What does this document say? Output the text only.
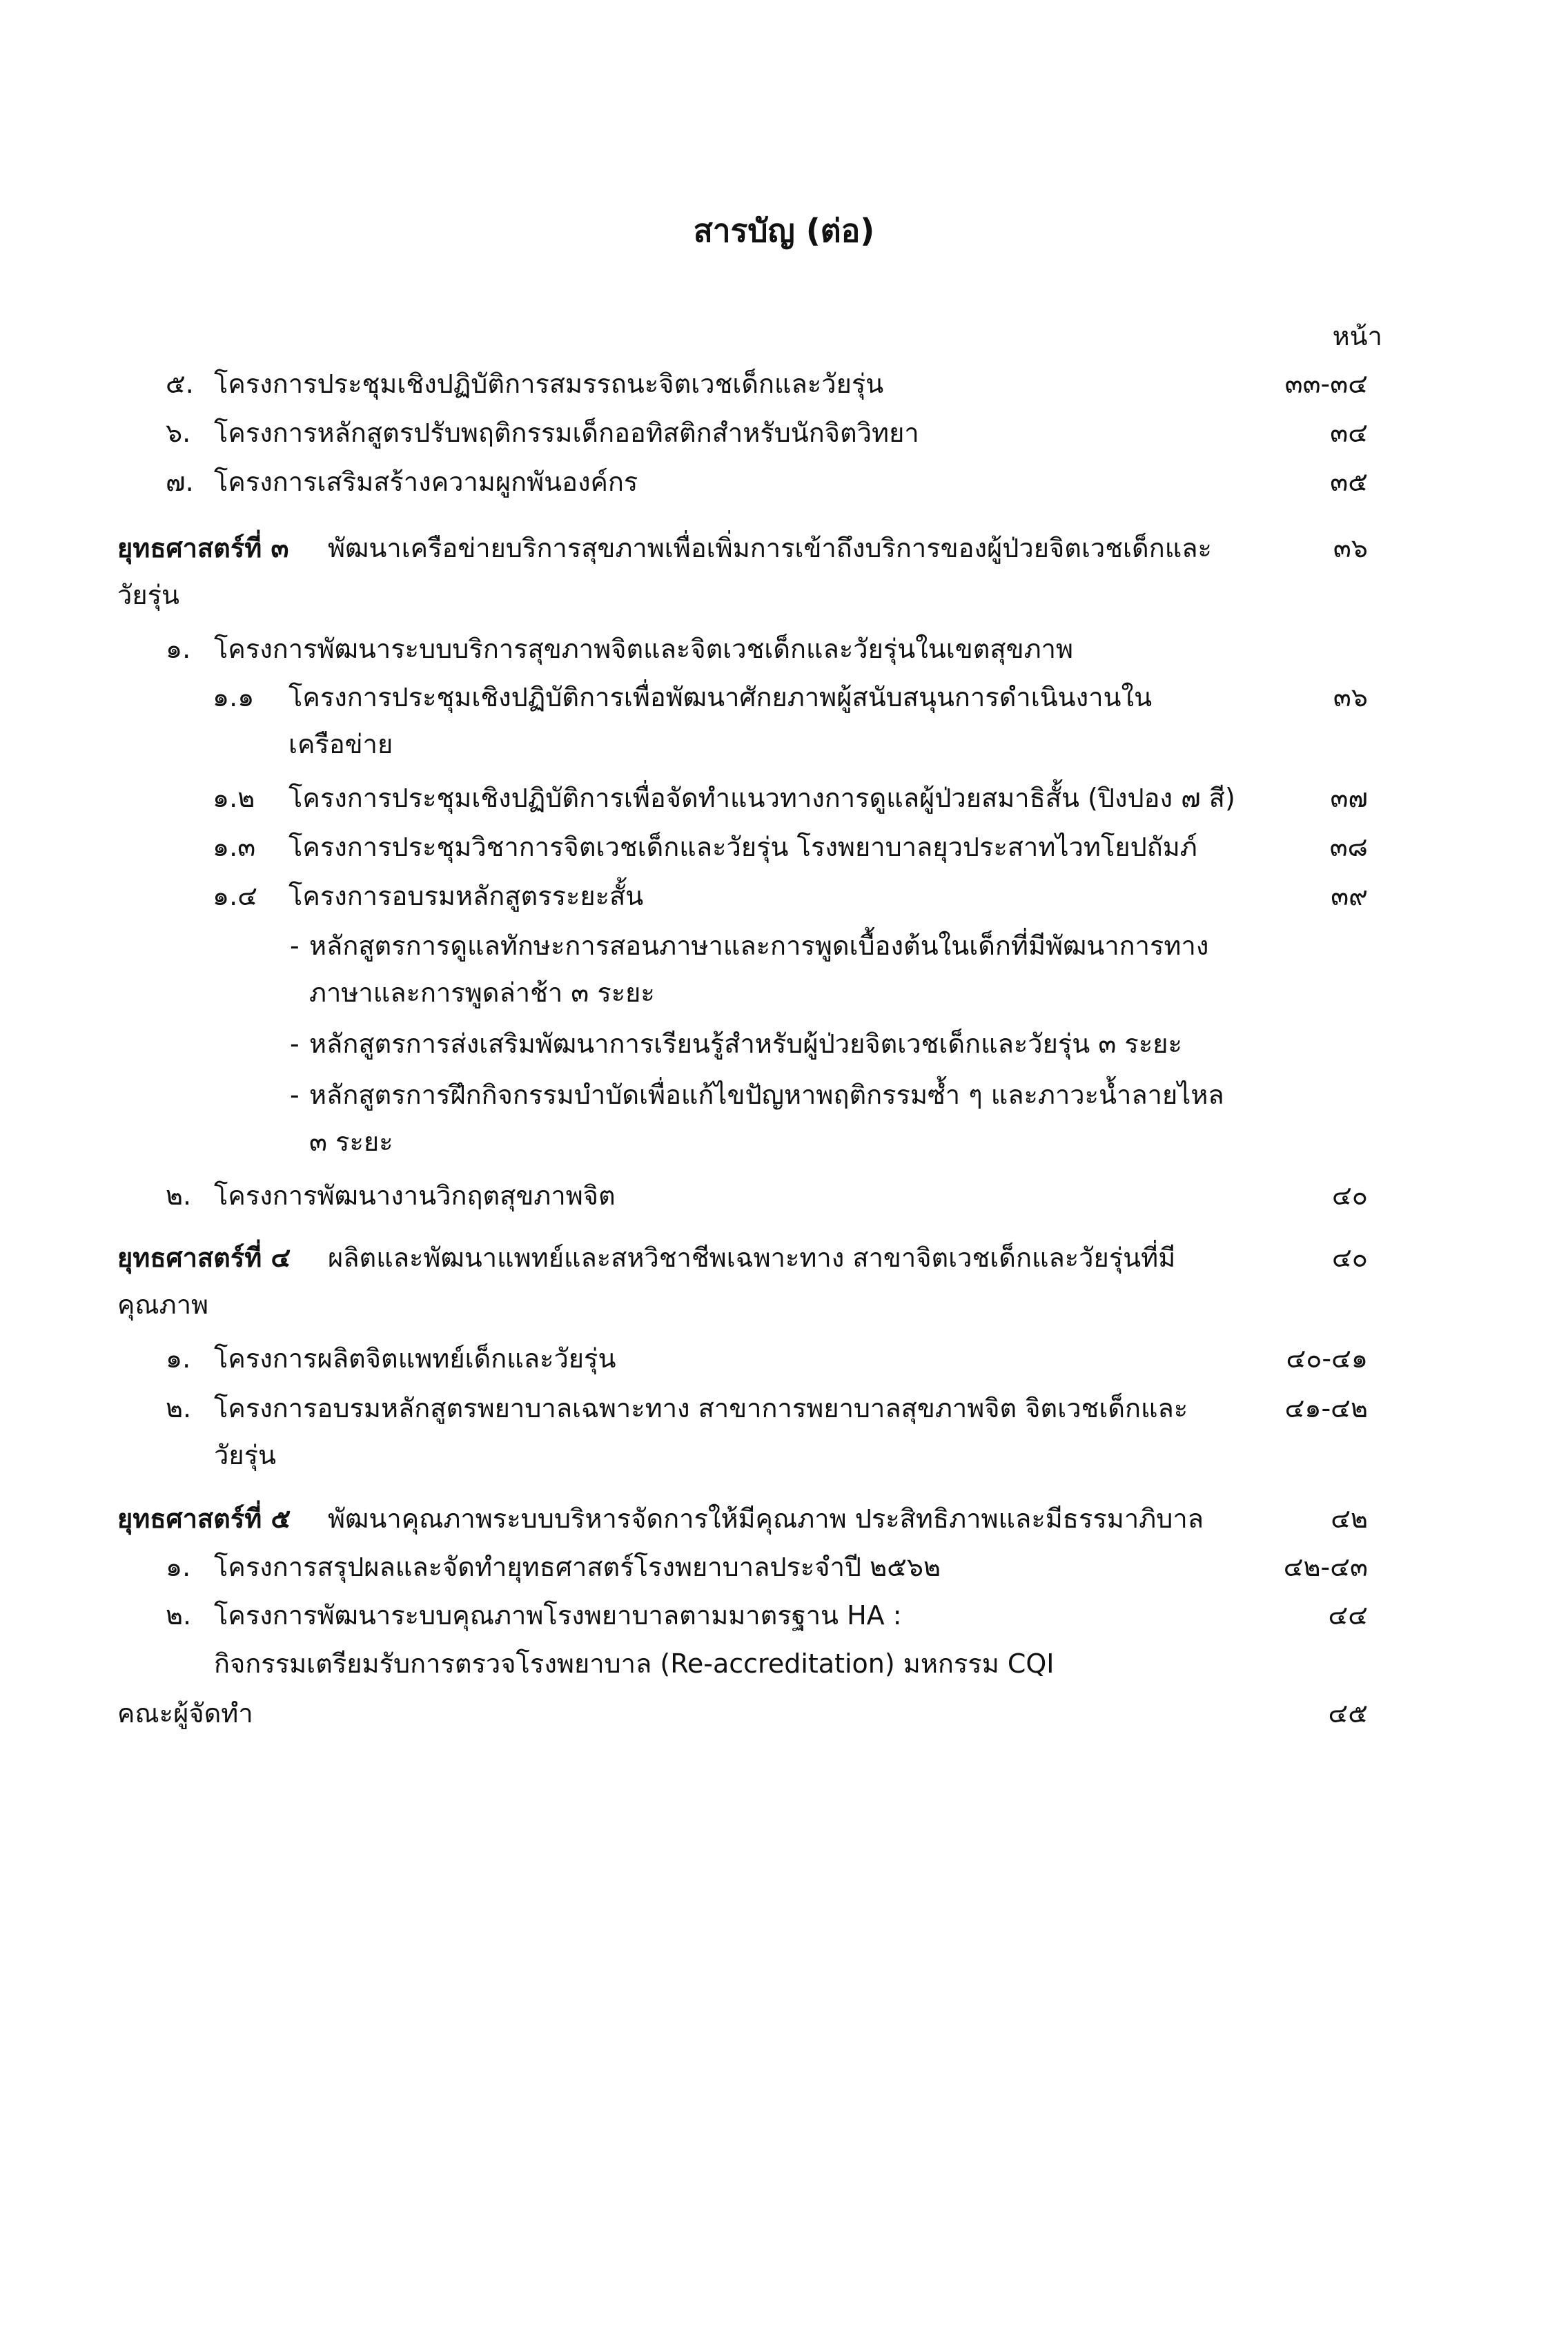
สารบัญ (ต่อ)
หน้า
๕. โครงการประชุมเชิงปฏิบัติการสมรรถนะจิตเวชเด็กและวัยรุ่น	๓๓-๓๔
๖. โครงการหลักสูตรปรับพฤติกรรมเด็กออทิสติกสำหรับนักจิตวิทยา	๓๔
๗. โครงการเสริมสร้างความผูกพันองค์กร	๓๕
ยุทธศาสตร์ที่ ๓ พัฒนาเครือข่ายบริการสุขภาพเพื่อเพิ่มการเข้าถึงบริการของผู้ป่วยจิตเวชเด็กและ	๓๖
วัยรุ่น
๑. โครงการพัฒนาระบบบริการสุขภาพจิตและจิตเวชเด็กและวัยรุ่นในเขตสุขภาพ
๑.๑ โครงการประชุมเชิงปฏิบัติการเพื่อพัฒนาศักยภาพผู้สนับสนุนการดำเนินงานใน	๓๖
เครือข่าย
๑.๒ โครงการประชุมเชิงปฏิบัติการเพื่อจัดทำแนวทางการดูแลผู้ป่วยสมาธิสั้น (ปิงปอง ๗ สี)	๓๗
๑.๓ โครงการประชุมวิชาการจิตเวชเด็กและวัยรุ่น โรงพยาบาลยุวประสาทไวทโยปถัมภ์	๓๘
๑.๔ โครงการอบรมหลักสูตรระยะสั้น	๓๙
- หลักสูตรการดูแลทักษะการสอนภาษาและการพูดเบื้องต้นในเด็กที่มีพัฒนาการทาง
ภาษาและการพูดล่าช้า ๓ ระยะ
- หลักสูตรการส่งเสริมพัฒนาการเรียนรู้สำหรับผู้ป่วยจิตเวชเด็กและวัยรุ่น ๓ ระยะ
- หลักสูตรการฝึกกิจกรรมบำบัดเพื่อแก้ไขปัญหาพฤติกรรมซ้ำ ๆ และภาวะน้ำลายไหล
๓ ระยะ
๒. โครงการพัฒนางานวิกฤตสุขภาพจิต	๔๐
ยุทธศาสตร์ที่ ๔ ผลิตและพัฒนาแพทย์และสหวิชาชีพเฉพาะทาง สาขาจิตเวชเด็กและวัยรุ่นที่มี	๔๐
คุณภาพ
๑. โครงการผลิตจิตแพทย์เด็กและวัยรุ่น	๔๐-๔๑
๒. โครงการอบรมหลักสูตรพยาบาลเฉพาะทาง สาขาการพยาบาลสุขภาพจิต จิตเวชเด็กและ	๔๑-๔๒
วัยรุ่น
ยุทธศาสตร์ที่ ๕ พัฒนาคุณภาพระบบบริหารจัดการให้มีคุณภาพ ประสิทธิภาพและมีธรรมาภิบาล	๔๒
๑. โครงการสรุปผลและจัดทำยุทธศาสตร์โรงพยาบาลประจำปี ๒๕๖๒	๔๒-๔๓
๒. โครงการพัฒนาระบบคุณภาพโรงพยาบาลตามมาตรฐาน HA :	๔๔
กิจกรรมเตรียมรับการตรวจโรงพยาบาล (Re-accreditation) มหกรรม CQI
คณะผู้จัดทำ	๔๕
